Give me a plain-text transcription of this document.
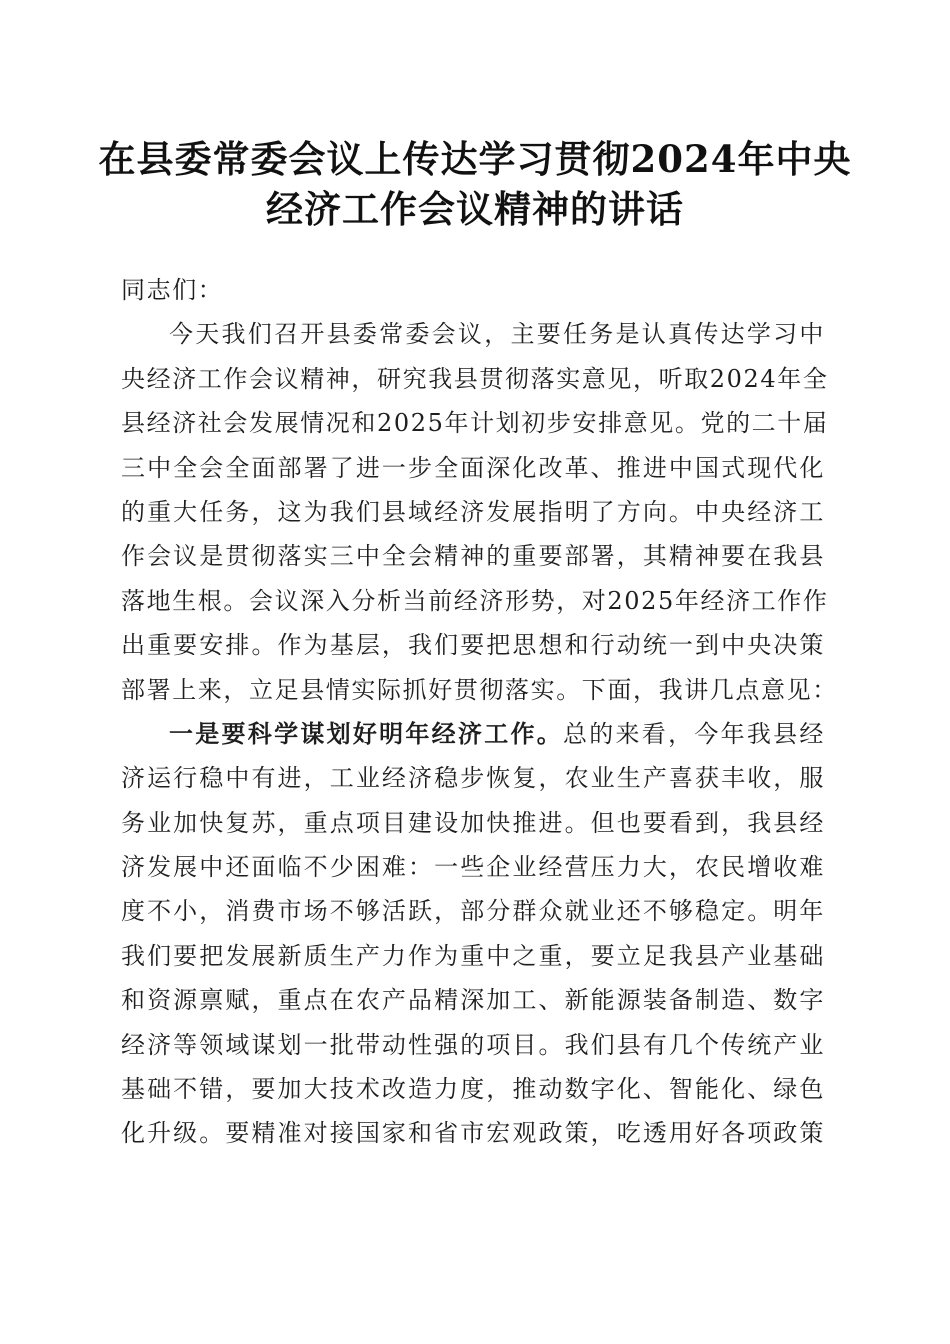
在县委常委会议上传达学习贯彻2024年中央
经济工作会议精神的讲话
同志们：
今天我们召开县委常委会议，主要任务是认真传达学习中
央经济工作会议精神，研究我县贯彻落实意见，听取2024年全
县经济社会发展情况和2025年计划初步安排意见。党的二十届
三中全会全面部署了进一步全面深化改革、推进中国式现代化
的重大任务，这为我们县域经济发展指明了方向。中央经济工
作会议是贯彻落实三中全会精神的重要部署，其精神要在我县
落地生根。会议深入分析当前经济形势，对2025年经济工作作
出重要安排。作为基层，我们要把思想和行动统一到中央决策
部署上来，立足县情实际抓好贯彻落实。下面，我讲几点意见：
一是要科学谋划好明年经济工作。总的来看，今年我县经
济运行稳中有进，工业经济稳步恢复，农业生产喜获丰收，服
务业加快复苏，重点项目建设加快推进。但也要看到，我县经
济发展中还面临不少困难：一些企业经营压力大，农民增收难
度不小，消费市场不够活跃，部分群众就业还不够稳定。明年
我们要把发展新质生产力作为重中之重，要立足我县产业基础
和资源禀赋，重点在农产品精深加工、新能源装备制造、数字
经济等领域谋划一批带动性强的项目。我们县有几个传统产业
基础不错，要加大技术改造力度，推动数字化、智能化、绿色
化升级。要精准对接国家和省市宏观政策，吃透用好各项政策
